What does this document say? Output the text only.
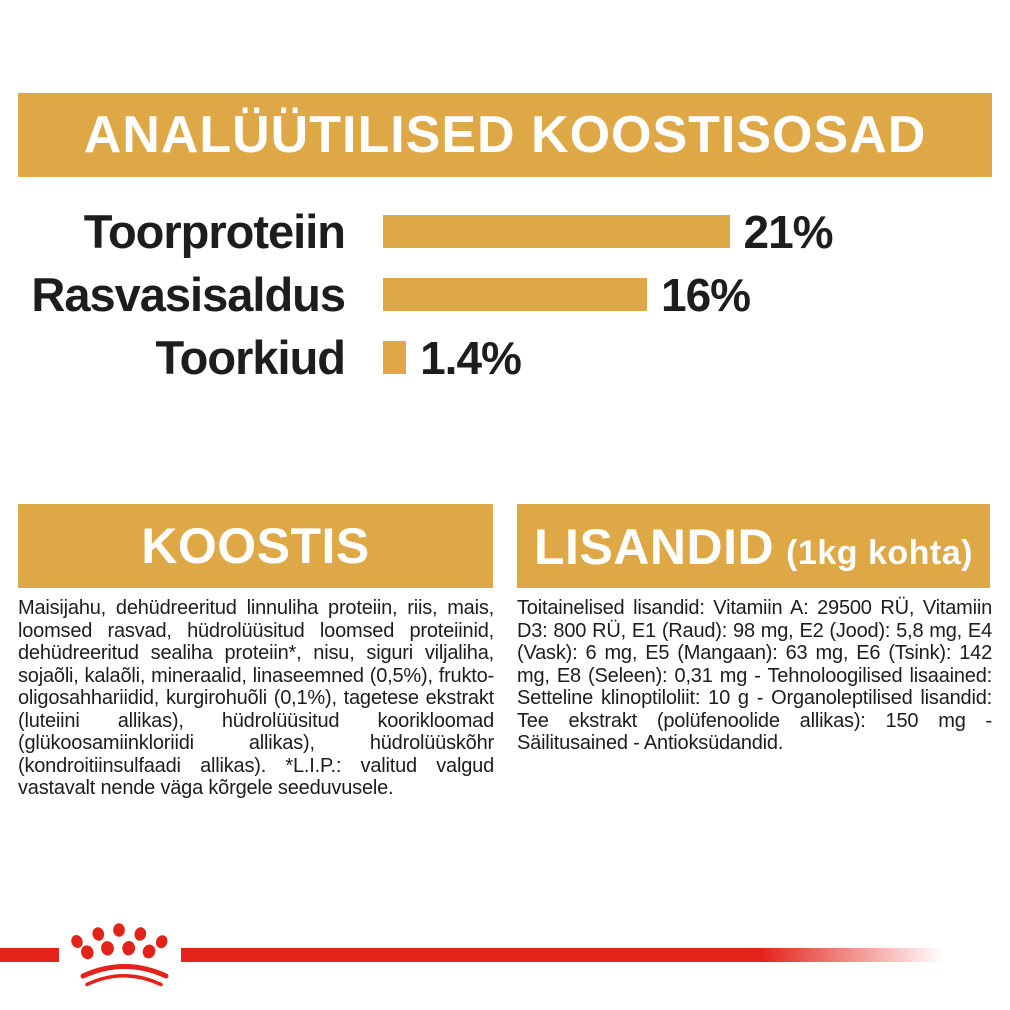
ANALÜÜTILISED KOOSTISOSAD
Toorproteiin	21%
Rasvasisaldus	16%
Toorkiud 1.4%
KOOSTIS	LISANDID (1kg kohta)
Maisijahu, dehüdreeritud linnuliha proteiin, riis, mais, loomsed rasvad, hüdrolüüsitud loomsed proteiinid, dehüdreeritud sealiha proteiin*, nisu, siguri viljaliha, sojaõli, kalaõli, mineraalid, linaseemned (0,5%), frukto-oligosahhariidid, kurgirohuõli (0,1%), tagetese ekstrakt (luteiini allikas), hüdrolüüsitud koorikloomad (glükoosamiinkloriidi allikas), hüdrolüüskõhr (kondroitiinsulfaadi allikas). *L.I.P.: valitud valgud vastavalt nende väga kõrgele seeduvusele.
Toitainelised lisandid: Vitamiin A: 29500 RÜ, Vitamiin D3: 800 RÜ, E1 (Raud): 98 mg, E2 (Jood): 5,8 mg, E4 (Vask): 6 mg, E5 (Mangaan): 63 mg, E6 (Tsink): 142 mg, E8 (Seleen): 0,31 mg - Tehnoloogilised lisaained: Setteline klinoptiloliit: 10 g - Organoleptilised lisandid: Tee ekstrakt (polüfenoolide allikas): 150 mg - Säilitusained - Antioksüdandid.
